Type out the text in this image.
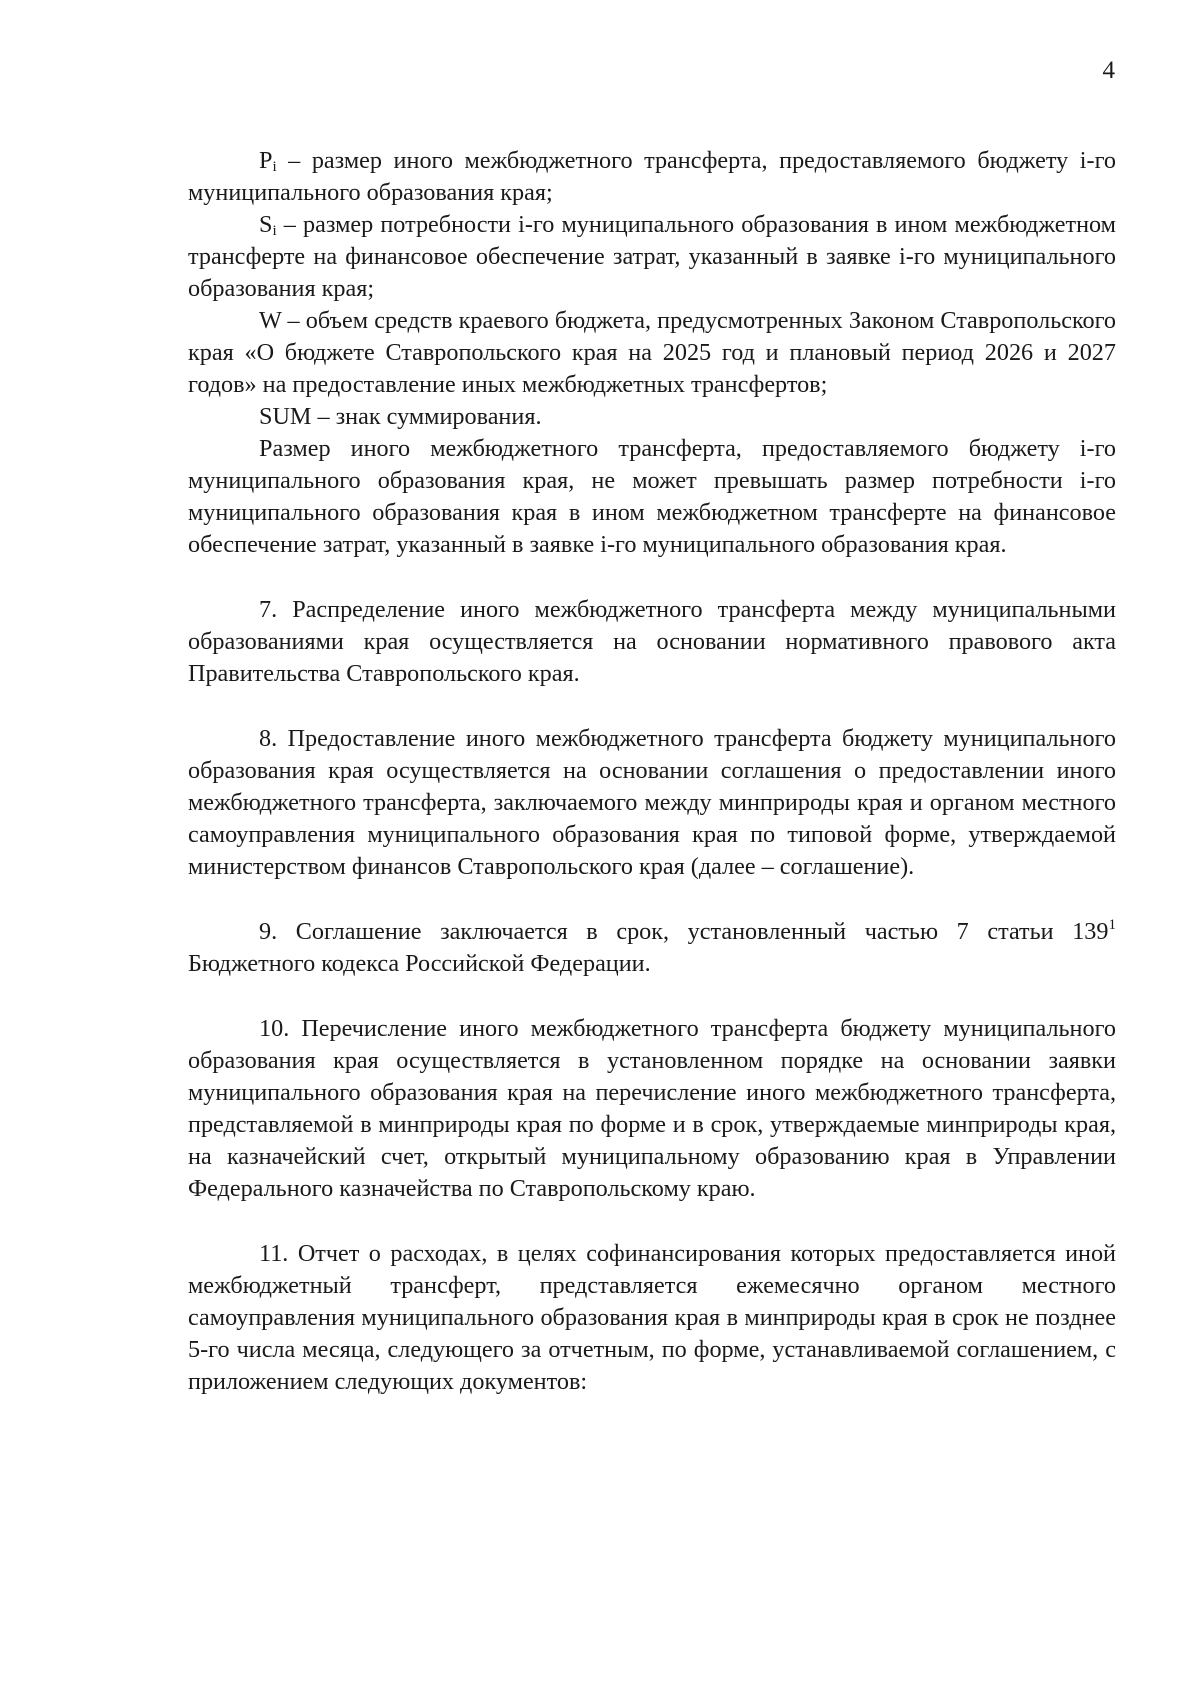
4

$P_i$ – размер иного межбюджетного трансферта, предоставляемого бюджету i-го муниципального образования края;

$S_i$ – размер потребности i-го муниципального образования в ином межбюджетном трансферте на финансовое обеспечение затрат, указанный в заявке i-го муниципального образования края;

W – объем средств краевого бюджета, предусмотренных Законом Ставропольского края «О бюджете Ставропольского края на 2025 год и плановый период 2026 и 2027 годов» на предоставление иных межбюджетных трансфертов;

SUM – знак суммирования.

Размер иного межбюджетного трансферта, предоставляемого бюджету i-го муниципального образования края, не может превышать размер потребности i-го муниципального образования края в ином межбюджетном трансферте на финансовое обеспечение затрат, указанный в заявке i-го муниципального образования края.

7. Распределение иного межбюджетного трансферта между муниципальными образованиями края осуществляется на основании нормативного правового акта Правительства Ставропольского края.

8. Предоставление иного межбюджетного трансферта бюджету муниципального образования края осуществляется на основании соглашения о предоставлении иного межбюджетного трансферта, заключаемого между минприроды края и органом местного самоуправления муниципального образования края по типовой форме, утверждаемой министерством финансов Ставропольского края (далее – соглашение).

9. Соглашение заключается в срок, установленный частью 7 статьи $139^1$ Бюджетного кодекса Российской Федерации.

10. Перечисление иного межбюджетного трансферта бюджету муниципального образования края осуществляется в установленном порядке на основании заявки муниципального образования края на перечисление иного межбюджетного трансферта, представляемой в минприроды края по форме и в срок, утверждаемые минприроды края, на казначейский счет, открытый муниципальному образованию края в Управлении Федерального казначейства по Ставропольскому краю.

11. Отчет о расходах, в целях софинансирования которых предоставляется иной межбюджетный трансферт, представляется ежемесячно органом местного самоуправления муниципального образования края в минприроды края в срок не позднее 5-го числа месяца, следующего за отчетным, по форме, устанавливаемой соглашением, с приложением следующих документов:
